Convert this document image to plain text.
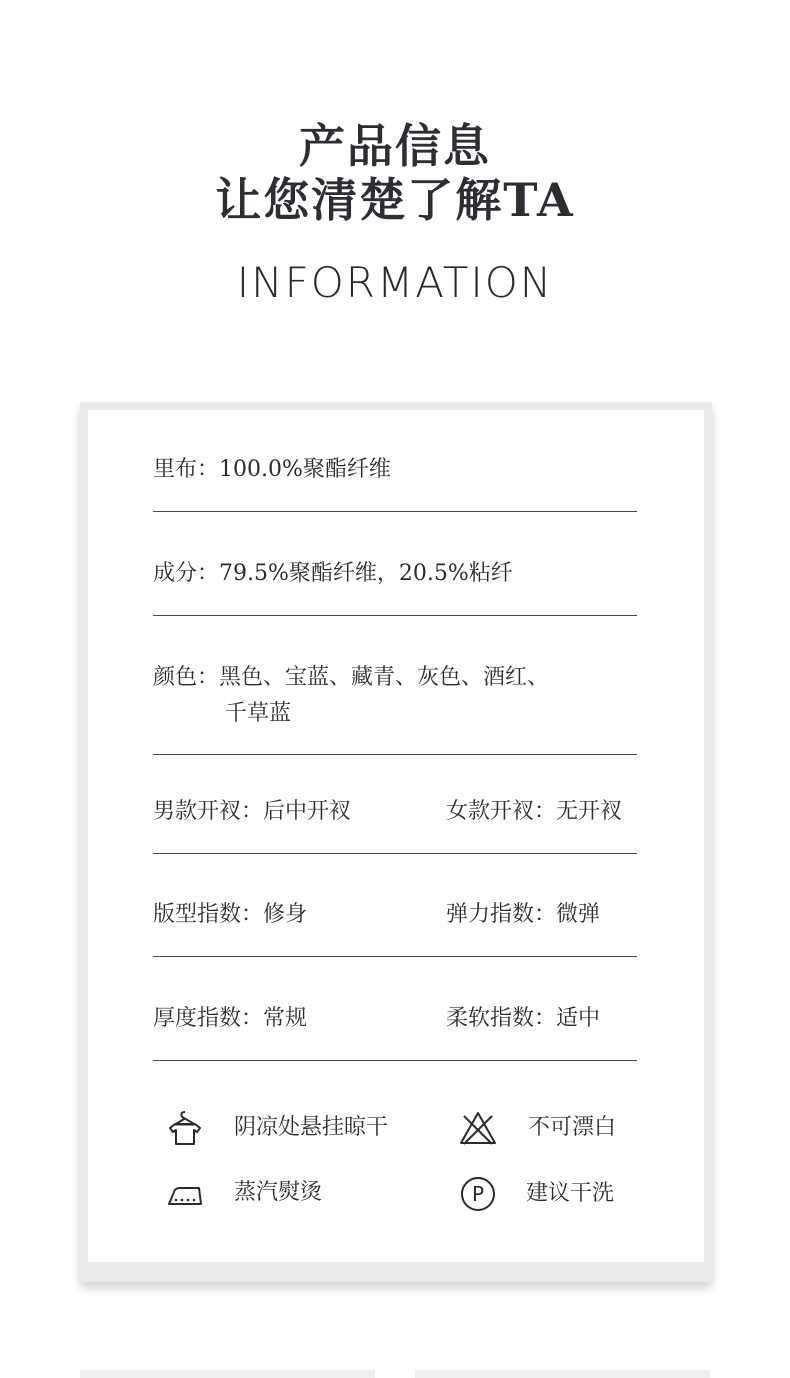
产品信息
让您清楚了解TA
INFORMATION
里布：100.0%聚酯纤维
成分：79.5%聚酯纤维，20.5%粘纤
颜色：黑色、宝蓝、藏青、灰色、酒红、
千草蓝
男款开衩：后中开衩	女款开衩：无开衩
版型指数：修身	弹力指数：微弹
厚度指数：常规	柔软指数：适中
阴凉处悬挂晾干	不可漂白
蒸汽熨烫	P 建议干洗
